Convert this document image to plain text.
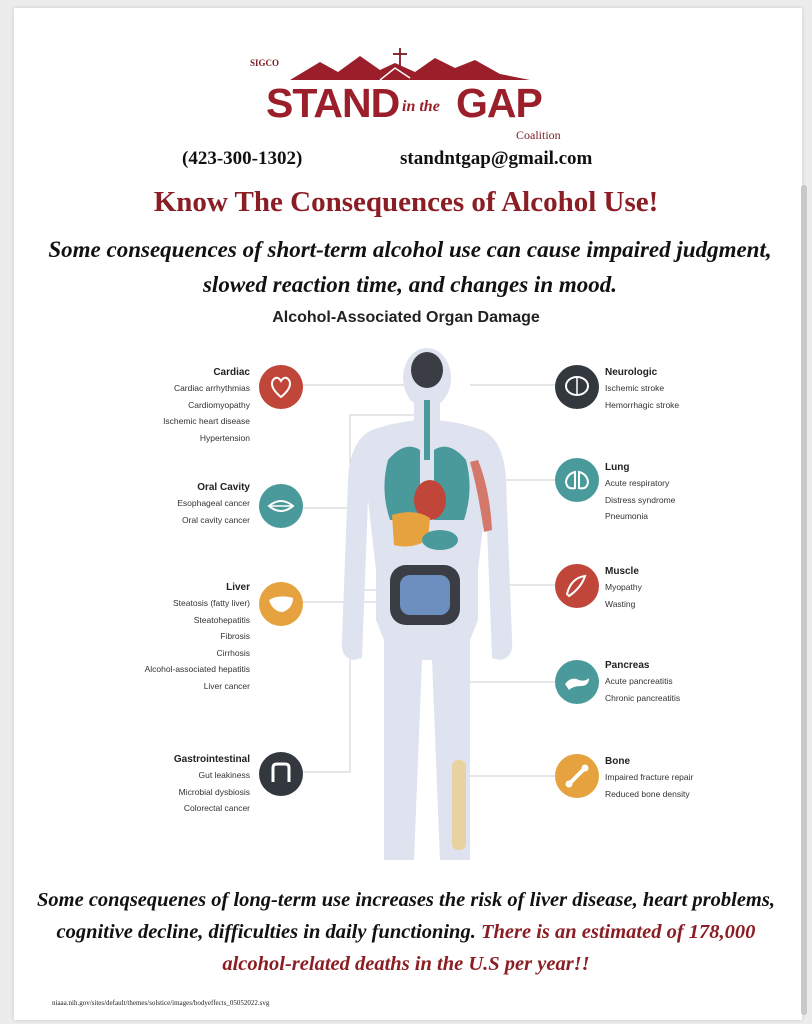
SIGCO
STAND in the GAP
Coalition
(423-300-1302)	standntgap@gmail.com
Know The Consequences of Alcohol Use!
Some consequences of short-term alcohol use can cause impaired judgment, slowed reaction time, and changes in mood.
Alcohol-Associated Organ Damage
Cardiac
Cardiac arrhythmias
Cardiomyopathy
Ischemic heart disease
Hypertension
Oral Cavity
Esophageal cancer
Oral cavity cancer
Liver
Steatosis (fatty liver)
Steatohepatitis
Fibrosis
Cirrhosis
Alcohol-associated hepatitis
Liver cancer
Gastrointestinal
Gut leakiness
Microbial dysbiosis
Colorectal cancer
Neurologic
Ischemic stroke
Hemorrhagic stroke
Lung
Acute respiratory
Distress syndrome
Pneumonia
Muscle
Myopathy
Wasting
Pancreas
Acute pancreatitis
Chronic pancreatitis
Bone
Impaired fracture repair
Reduced bone density
Some conqsequenes of long-term use increases the risk of liver disease, heart problems, cognitive decline, difficulties in daily functioning. There is an estimated of 178,000 alcohol-related deaths in the U.S per year!!
niaaa.nih.gov/sites/default/themes/solstice/images/bodyeffects_05052022.svg
